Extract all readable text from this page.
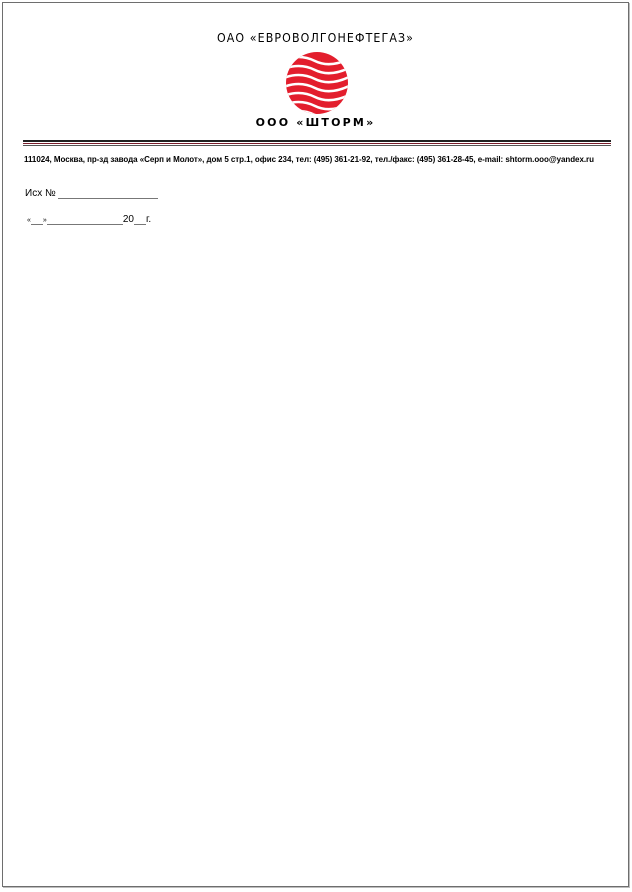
ОАО «ЕВРОВОЛГОНЕФТЕГАЗ»
ООО «ШТОРМ»
111024, Москва, пр-зд завода «Серп и Молот», дом 5 стр.1, офис 234, тел: (495) 361-21-92, тел./факс: (495) 361-28-45, e-mail: shtorm.ooo@yandex.ru
Исх №
« »	20 г.
